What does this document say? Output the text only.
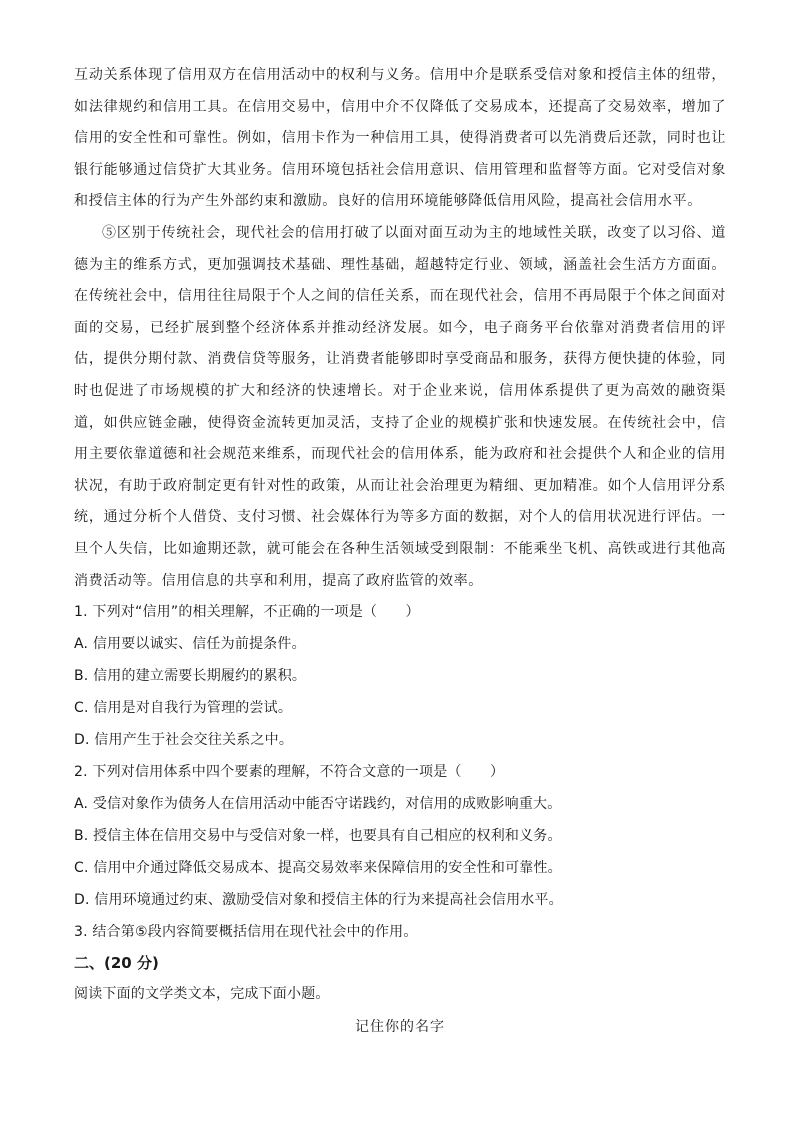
互动关系体现了信用双方在信用活动中的权利与义务。信用中介是联系受信对象和授信主体的纽带，如法律规约和信用工具。在信用交易中，信用中介不仅降低了交易成本，还提高了交易效率，增加了信用的安全性和可靠性。例如，信用卡作为一种信用工具，使得消费者可以先消费后还款，同时也让银行能够通过信贷扩大其业务。信用环境包括社会信用意识、信用管理和监督等方面。它对受信对象和授信主体的行为产生外部约束和激励。良好的信用环境能够降低信用风险，提高社会信用水平。

⑤区别于传统社会，现代社会的信用打破了以面对面互动为主的地域性关联，改变了以习俗、道德为主的维系方式，更加强调技术基础、理性基础，超越特定行业、领域，涵盖社会生活方方面面。在传统社会中，信用往往局限于个人之间的信任关系，而在现代社会，信用不再局限于个体之间面对面的交易，已经扩展到整个经济体系并推动经济发展。如今，电子商务平台依靠对消费者信用的评估，提供分期付款、消费信贷等服务，让消费者能够即时享受商品和服务，获得方便快捷的体验，同时也促进了市场规模的扩大和经济的快速增长。对于企业来说，信用体系提供了更为高效的融资渠道，如供应链金融，使得资金流转更加灵活，支持了企业的规模扩张和快速发展。在传统社会中，信用主要依靠道德和社会规范来维系，而现代社会的信用体系，能为政府和社会提供个人和企业的信用状况，有助于政府制定更有针对性的政策，从而让社会治理更为精细、更加精准。如个人信用评分系统，通过分析个人借贷、支付习惯、社会媒体行为等多方面的数据，对个人的信用状况进行评估。一旦个人失信，比如逾期还款，就可能会在各种生活领域受到限制：不能乘坐飞机、高铁或进行其他高消费活动等。信用信息的共享和利用，提高了政府监管的效率。

1. 下列对“信用”的相关理解，不正确的一项是（　　）

A. 信用要以诚实、信任为前提条件。

B. 信用的建立需要长期履约的累积。

C. 信用是对自我行为管理的尝试。

D. 信用产生于社会交往关系之中。

2. 下列对信用体系中四个要素的理解，不符合文意的一项是（　　）

A. 受信对象作为债务人在信用活动中能否守诺践约，对信用的成败影响重大。

B. 授信主体在信用交易中与受信对象一样，也要具有自己相应的权利和义务。

C. 信用中介通过降低交易成本、提高交易效率来保障信用的安全性和可靠性。

D. 信用环境通过约束、激励受信对象和授信主体的行为来提高社会信用水平。

3. 结合第⑤段内容简要概括信用在现代社会中的作用。

二、(20 分)

阅读下面的文学类文本，完成下面小题。

记住你的名字
